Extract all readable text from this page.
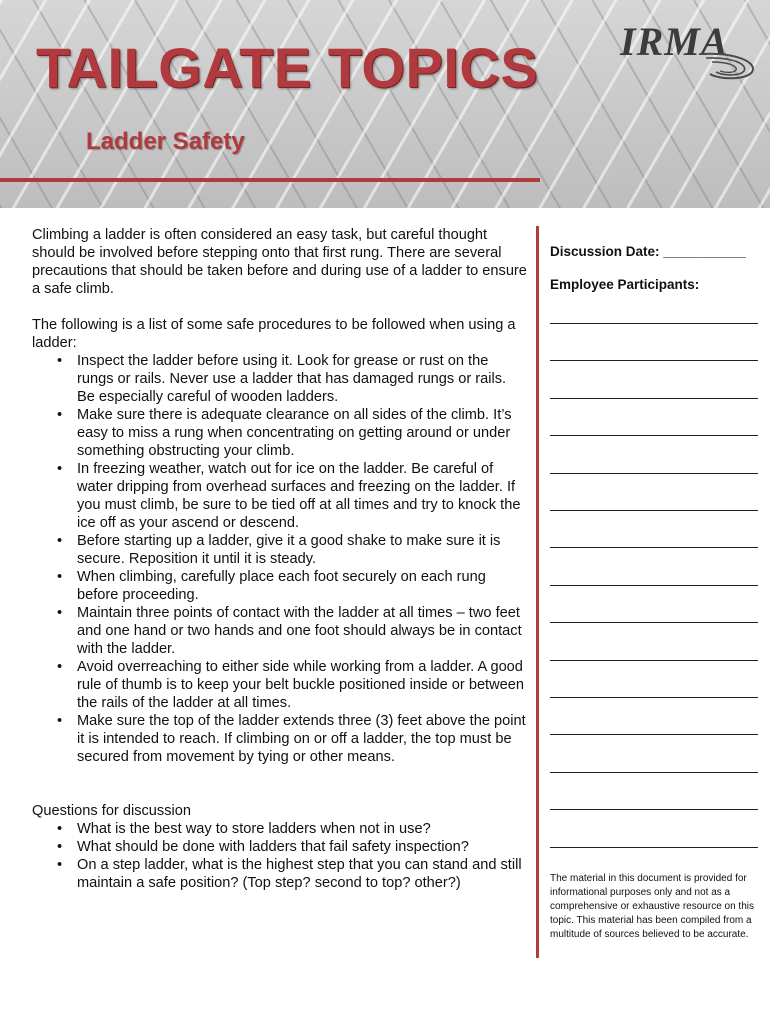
TAILGATE TOPICS
Ladder Safety
IRMA

Climbing a ladder is often considered an easy task, but careful thought should be involved before stepping onto that first rung. There are several precautions that should be taken before and during use of a ladder to ensure a safe climb.

The following is a list of some safe procedures to be followed when using a ladder:

• Inspect the ladder before using it. Look for grease or rust on the rungs or rails. Never use a ladder that has damaged rungs or rails. Be especially careful of wooden ladders.
• Make sure there is adequate clearance on all sides of the climb. It’s easy to miss a rung when concentrating on getting around or under something obstructing your climb.
• In freezing weather, watch out for ice on the ladder. Be careful of water dripping from overhead surfaces and freezing on the ladder. If you must climb, be sure to be tied off at all times and try to knock the ice off as your ascend or descend.
• Before starting up a ladder, give it a good shake to make sure it is secure. Reposition it until it is steady.
• When climbing, carefully place each foot securely on each rung before proceeding.
• Maintain three points of contact with the ladder at all times – two feet and one hand or two hands and one foot should always be in contact with the ladder.
• Avoid overreaching to either side while working from a ladder. A good rule of thumb is to keep your belt buckle positioned inside or between the rails of the ladder at all times.
• Make sure the top of the ladder extends three (3) feet above the point it is intended to reach. If climbing on or off a ladder, the top must be secured from movement by tying or other means.

Questions for discussion

• What is the best way to store ladders when not in use?
• What should be done with ladders that fail safety inspection?
• On a step ladder, what is the highest step that you can stand and still maintain a safe position? (Top step? second to top? other?)
Discussion Date: ___________
Employee Participants:
The material in this document is provided for informational purposes only and not as a comprehensive or exhaustive resource on this topic. This material has been compiled from a multitude of sources believed to be accurate.
